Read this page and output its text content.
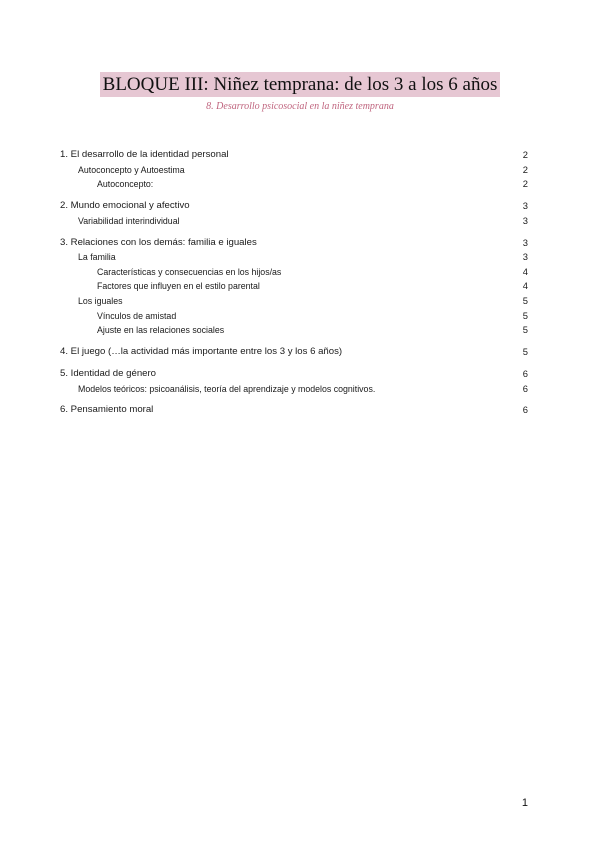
BLOQUE III: Niñez temprana: de los 3 a los 6 años
8. Desarrollo psicosocial en la niñez temprana
1. El desarrollo de la identidad personal	2
Autoconcepto y Autoestima	2
Autoconcepto:	2
2. Mundo emocional y afectivo	3
Variabilidad interindividual	3
3. Relaciones con los demás: familia e iguales	3
La familia	3
Características y consecuencias en los hijos/as	4
Factores que influyen en el estilo parental	4
Los iguales	5
Vínculos de amistad	5
Ajuste en las relaciones sociales	5
4. El juego (…la actividad más importante entre los 3 y los 6 años)	5
5. Identidad de género	6
Modelos teóricos: psicoanálisis, teoría del aprendizaje y modelos cognitivos.	6
6. Pensamiento moral	6
1
